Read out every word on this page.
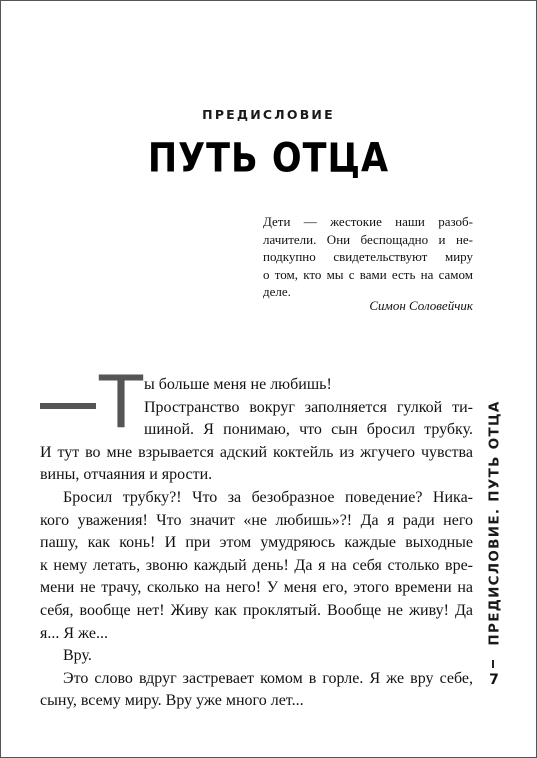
ПРЕДИСЛОВИЕ
ПУТЬ ОТЦА
Дети — жестокие наши разоб-
лачители. Они беспощадно и не-
подкупно свидетельствуют миру
о том, кто мы с вами есть на самом
деле.
Симон Соловейчик
Т ы больше меня не любишь!
Пространство вокруг заполняется гулкой ти-
шиной. Я понимаю, что сын бросил трубку.
И тут во мне взрывается адский коктейль из жгучего чувства
вины, отчаяния и ярости.
Бросил трубку?! Что за безобразное поведение? Ника-
кого уважения! Что значит «не любишь»?! Да я ради него
пашу, как конь! И при этом умудряюсь каждые выходные
к нему летать, звоню каждый день! Да я на себя столько вре-
мени не трачу, сколько на него! У меня его, этого времени на
себя, вообще нет! Живу как проклятый. Вообще не живу! Да
я... Я же...
Вру.
Это слово вдруг застревает комом в горле. Я же вру себе,
сыну, всему миру. Вру уже много лет...
ПРЕДИСЛОВИЕ. ПУТЬ ОТЦА
7
